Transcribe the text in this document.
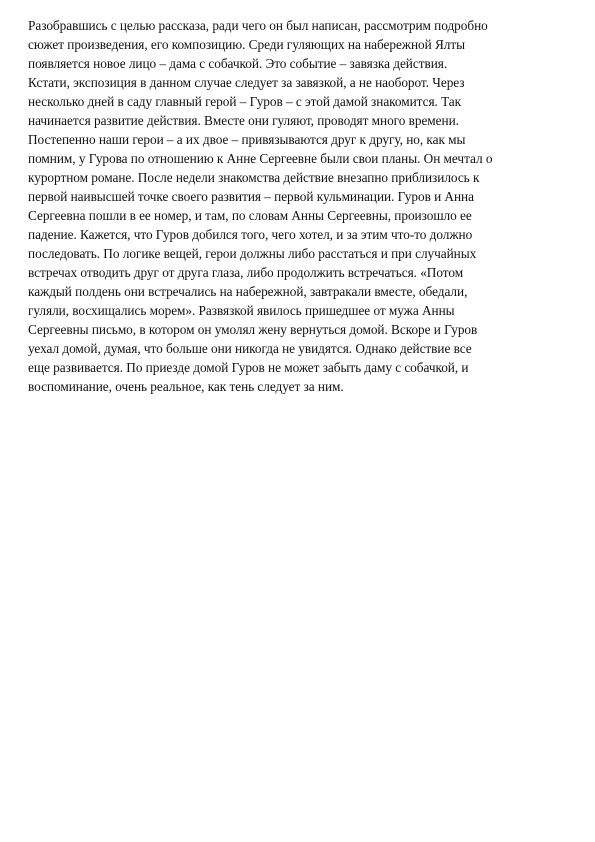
Разобравшись с целью рассказа, ради чего он был написан, рассмотрим подробно
сюжет произведения, его композицию. Среди гуляющих на набережной Ялты
появляется новое лицо – дама с собачкой. Это событие – завязка действия.
Кстати, экспозиция в данном случае следует за завязкой, а не наоборот. Через
несколько дней в саду главный герой – Гуров – с этой дамой знакомится. Так
начинается развитие действия. Вместе они гуляют, проводят много времени.
Постепенно наши герои – а их двое – привязываются друг к другу, но, как мы
помним, у Гурова по отношению к Анне Сергеевне были свои планы. Он мечтал о
курортном романе. После недели знакомства действие внезапно приблизилось к
первой наивысшей точке своего развития – первой кульминации. Гуров и Анна
Сергеевна пошли в ее номер, и там, по словам Анны Сергеевны, произошло ее
падение. Кажется, что Гуров добился того, чего хотел, и за этим что-то должно
последовать. По логике вещей, герои должны либо расстаться и при случайных
встречах отводить друг от друга глаза, либо продолжить встречаться. «Потом
каждый полдень они встречались на набережной, завтракали вместе, обедали,
гуляли, восхищались морем». Развязкой явилось пришедшее от мужа Анны
Сергеевны письмо, в котором он умолял жену вернуться домой. Вскоре и Гуров
уехал домой, думая, что больше они никогда не увидятся. Однако действие все
еще развивается. По приезде домой Гуров не может забыть даму с собачкой, и
воспоминание, очень реальное, как тень следует за ним.
